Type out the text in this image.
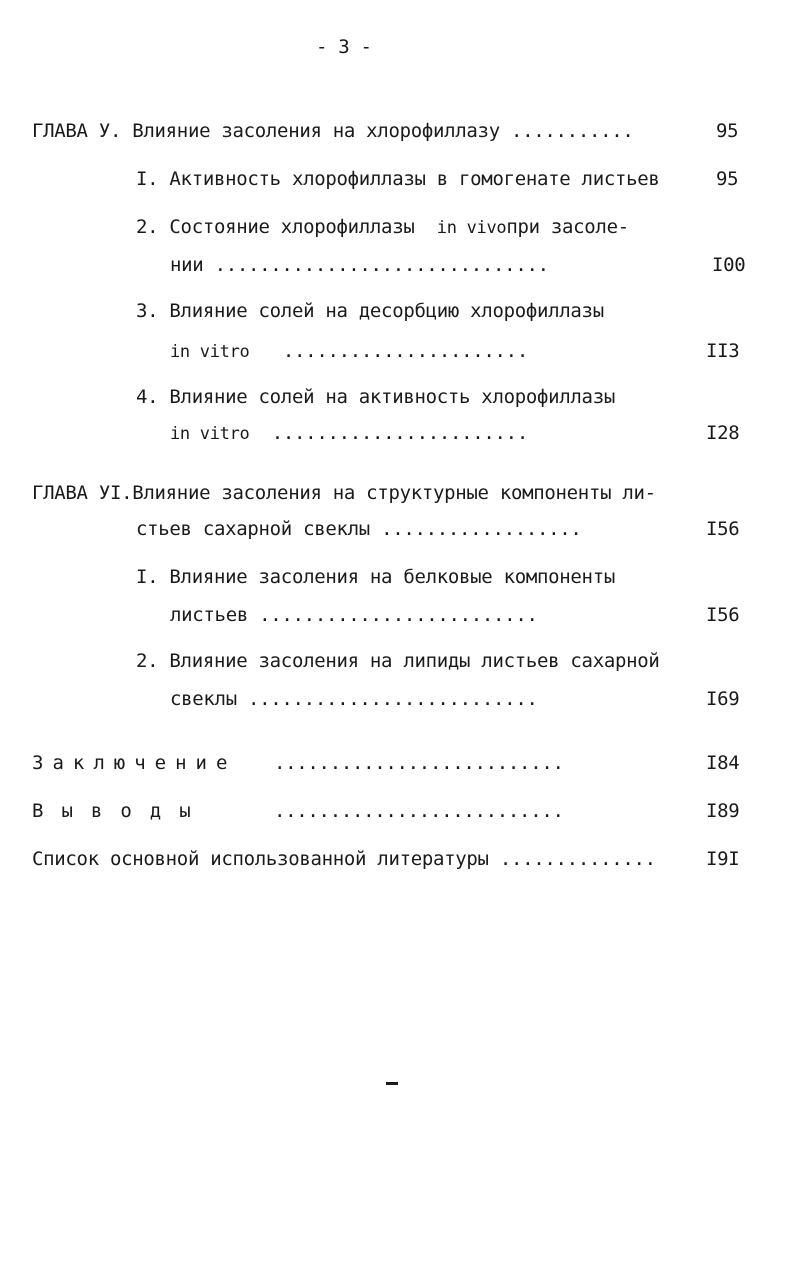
- 3 -
ГЛАВА У. Влияние засоления на хлорофиллазу ...........	95
I. Активность хлорофиллазы в гомогенате листьев	95
2. Состояние хлорофиллазы in vivoпри засоле-
нии ..............................	I00
3. Влияние солей на десорбцию хлорофиллазы
in vitro ......................	II3
4. Влияние солей на активность хлорофиллазы
in vitro .......................	I28
ГЛАВА УI.Влияние засоления на структурные компоненты ли-
стьев сахарной свеклы ..................	I56
I. Влияние засоления на белковые компоненты
листьев .........................	I56
2. Влияние засоления на липиды листьев сахарной
свеклы ..........................	I69
Заключение ..........................	I84
Выводы	..........................	I89
Список основной использованной литературы ..............	I9I
